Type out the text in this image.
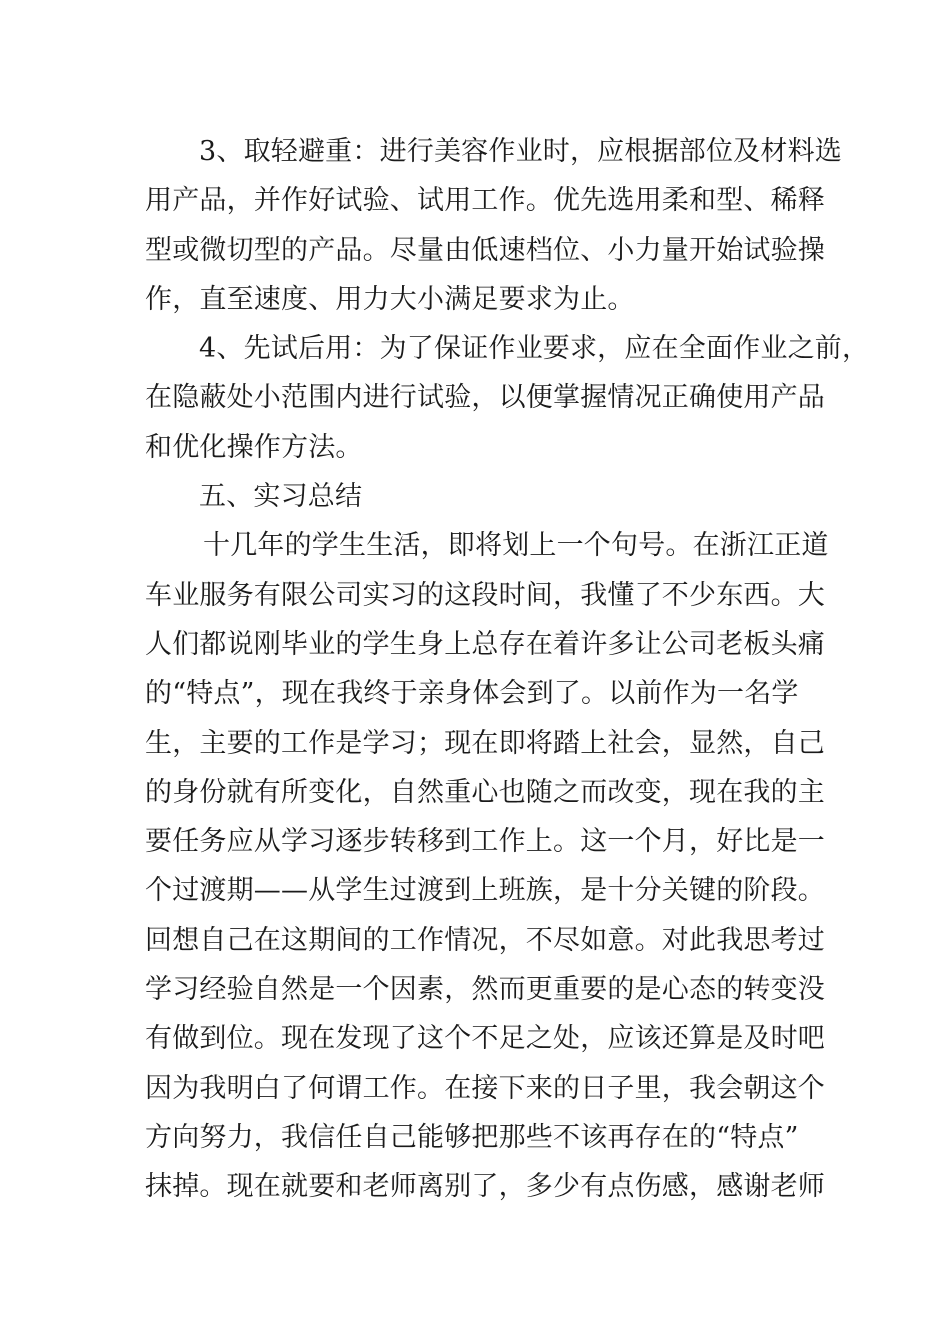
3、取轻避重：进行美容作业时，应根据部位及材料选
用产品，并作好试验、试用工作。优先选用柔和型、稀释
型或微切型的产品。尽量由低速档位、小力量开始试验操
作，直至速度、用力大小满足要求为止。

4、先试后用：为了保证作业要求，应在全面作业之前，
在隐蔽处小范围内进行试验，以便掌握情况正确使用产品
和优化操作方法。

五、实习总结

十几年的学生生活，即将划上一个句号。在浙江正道
车业服务有限公司实习的这段时间，我懂了不少东西。大
人们都说刚毕业的学生身上总存在着许多让公司老板头痛
的“特点”，现在我终于亲身体会到了。以前作为一名学
生，主要的工作是学习；现在即将踏上社会，显然，自己
的身份就有所变化，自然重心也随之而改变，现在我的主
要任务应从学习逐步转移到工作上。这一个月，好比是一
个过渡期——从学生过渡到上班族，是十分关键的阶段。
回想自己在这期间的工作情况，不尽如意。对此我思考过
学习经验自然是一个因素，然而更重要的是心态的转变没
有做到位。现在发现了这个不足之处，应该还算是及时吧
因为我明白了何谓工作。在接下来的日子里，我会朝这个
方向努力，我信任自己能够把那些不该再存在的“特点”
抹掉。现在就要和老师离别了，多少有点伤感，感谢老师
